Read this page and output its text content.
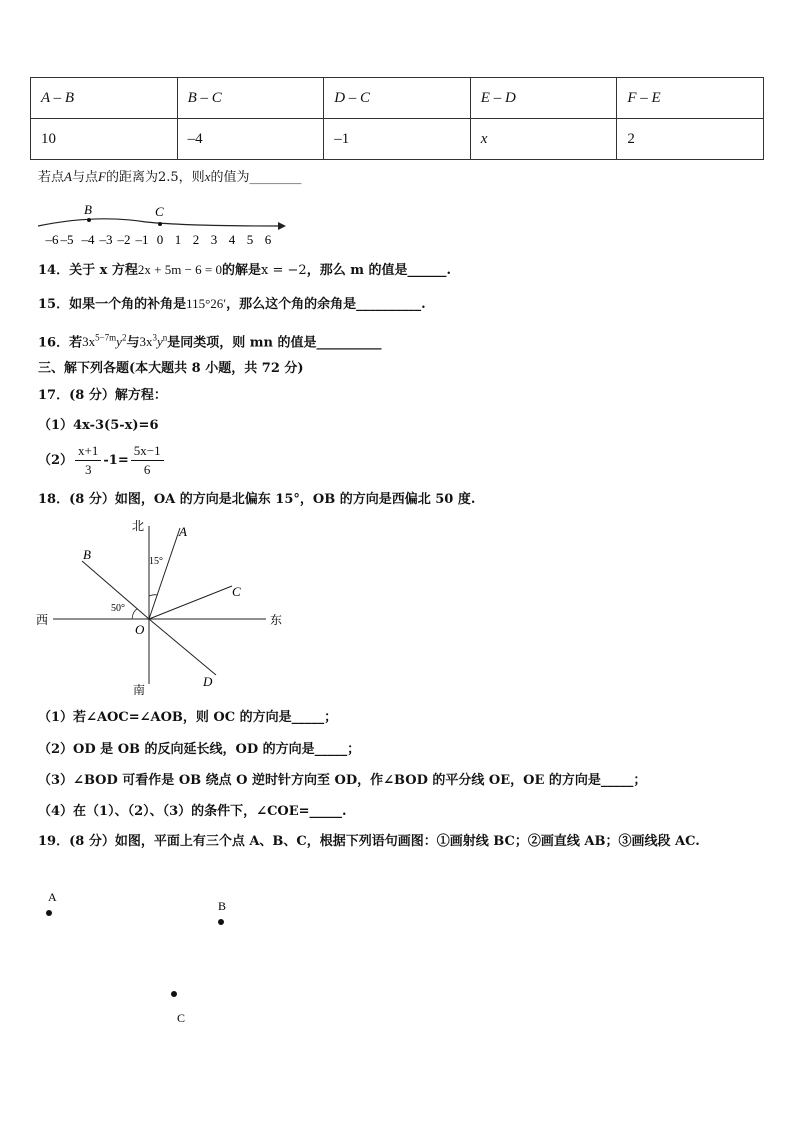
A – B	B – C	D – C	E – D	F – E
10	–4	–1	x	2
若点A与点F的距离为2.5，则x的值为________
–6 –5 –4 –3 –2 –1 0 1 2 3 4 5 6
B	C
14．关于 x 方程2x + 5m − 6 = 0的解是x = −2，那么 m 的值是______.
15．如果一个角的补角是115°26′，那么这个角的余角是__________.
16．若$3x^{5-7m}y^2$与$3x^3y^n$是同类项，则 mn 的值是__________
三、解下列各题(本大题共 8 小题，共 72 分)
17．(8 分）解方程：
（1）4x-3(5-x)=6
$(2) \frac{x+1}{3} -1= \frac{5x-1}{6}$
18．(8 分）如图，OA 的方向是北偏东 15°，OB 的方向是西偏北 50 度.
北
南
西	东
O
A
B
C
D
15°
50°
（1）若∠AOC=∠AOB，则 OC 的方向是_____；
（2）OD 是 OB 的反向延长线，OD 的方向是_____；
（3）∠BOD 可看作是 OB 绕点 O 逆时针方向至 OD，作∠BOD 的平分线 OE，OE 的方向是_____；
（4）在（1）、（2）、（3）的条件下，∠COE=_____.
19．(8 分）如图，平面上有三个点 A、B、C，根据下列语句画图：①画射线 BC；②画直线 AB；③画线段 AC.
A
B
C
